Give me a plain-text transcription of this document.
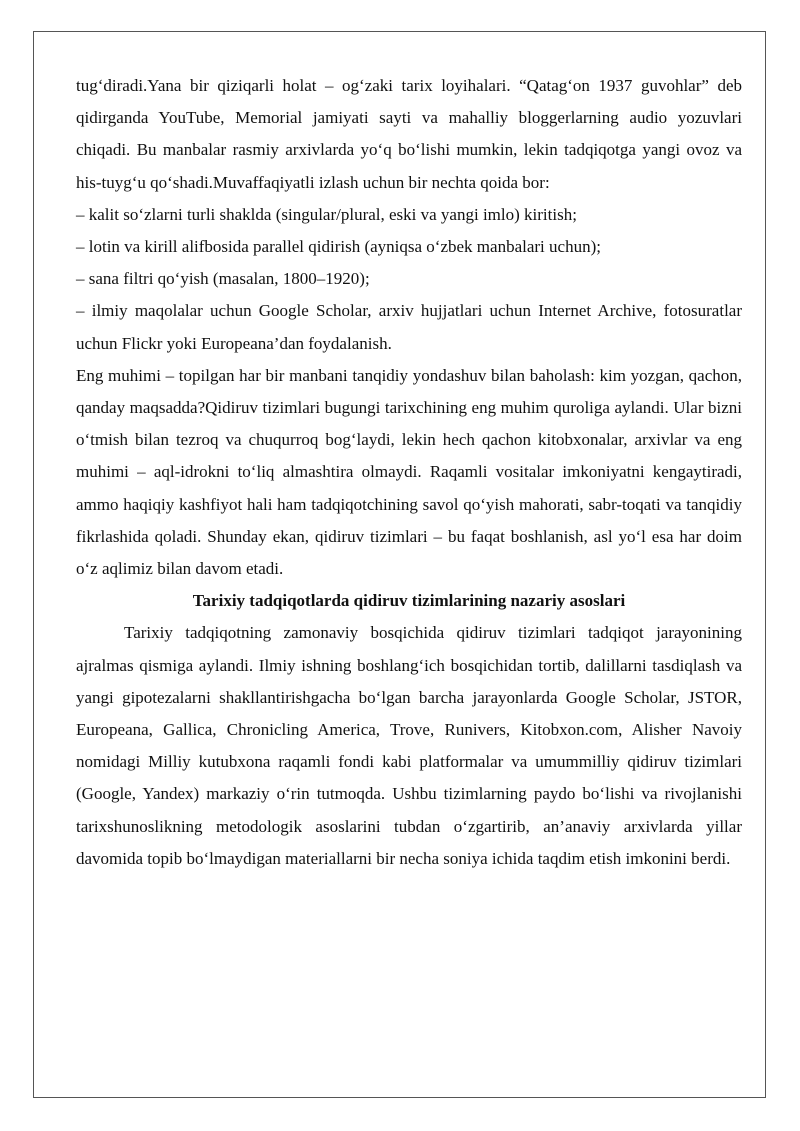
tug‘diradi.Yana bir qiziqarli holat – og‘zaki tarix loyihalari. “Qatag‘on 1937 guvohlar” deb qidirganda YouTube, Memorial jamiyati sayti va mahalliy bloggerlarning audio yozuvlari chiqadi. Bu manbalar rasmiy arxivlarda yo‘q bo‘lishi mumkin, lekin tadqiqotga yangi ovoz va his-tuyg‘u qo‘shadi.Muvaffaqiyatli izlash uchun bir nechta qoida bor:

– kalit so‘zlarni turli shaklda (singular/plural, eski va yangi imlo) kiritish;

– lotin va kirill alifbosida parallel qidirish (ayniqsa o‘zbek manbalari uchun);

– sana filtri qo‘yish (masalan, 1800–1920);

– ilmiy maqolalar uchun Google Scholar, arxiv hujjatlari uchun Internet Archive, fotosuratlar uchun Flickr yoki Europeana’dan foydalanish.

Eng muhimi – topilgan har bir manbani tanqidiy yondashuv bilan baholash: kim yozgan, qachon, qanday maqsadda?Qidiruv tizimlari bugungi tarixchining eng muhim quroliga aylandi. Ular bizni o‘tmish bilan tezroq va chuqurroq bog‘laydi, lekin hech qachon kitobxonalar, arxivlar va eng muhimi – aql-idrokni to‘liq almashtira olmaydi. Raqamli vositalar imkoniyatni kengaytiradi, ammo haqiqiy kashfiyot hali ham tadqiqotchining savol qo‘yish mahorati, sabr-toqati va tanqidiy fikrlashida qoladi. Shunday ekan, qidiruv tizimlari – bu faqat boshlanish, asl yo‘l esa har doim o‘z aqlimiz bilan davom etadi.

Tarixiy tadqiqotlarda qidiruv tizimlarining nazariy asoslari

Tarixiy tadqiqotning zamonaviy bosqichida qidiruv tizimlari tadqiqot jarayonining ajralmas qismiga aylandi. Ilmiy ishning boshlang‘ich bosqichidan tortib, dalillarni tasdiqlash va yangi gipotezalarni shakllantirishgacha bo‘lgan barcha jarayonlarda Google Scholar, JSTOR, Europeana, Gallica, Chronicling America, Trove, Runivers, Kitobxon.com, Alisher Navoiy nomidagi Milliy kutubxona raqamli fondi kabi platformalar va umummilliy qidiruv tizimlari (Google, Yandex) markaziy o‘rin tutmoqda. Ushbu tizimlarning paydo bo‘lishi va rivojlanishi tarixshunoslikning metodologik asoslarini tubdan o‘zgartirib, an’anaviy arxivlarda yillar davomida topib bo‘lmaydigan materiallarni bir necha soniya ichida taqdim etish imkonini berdi.
